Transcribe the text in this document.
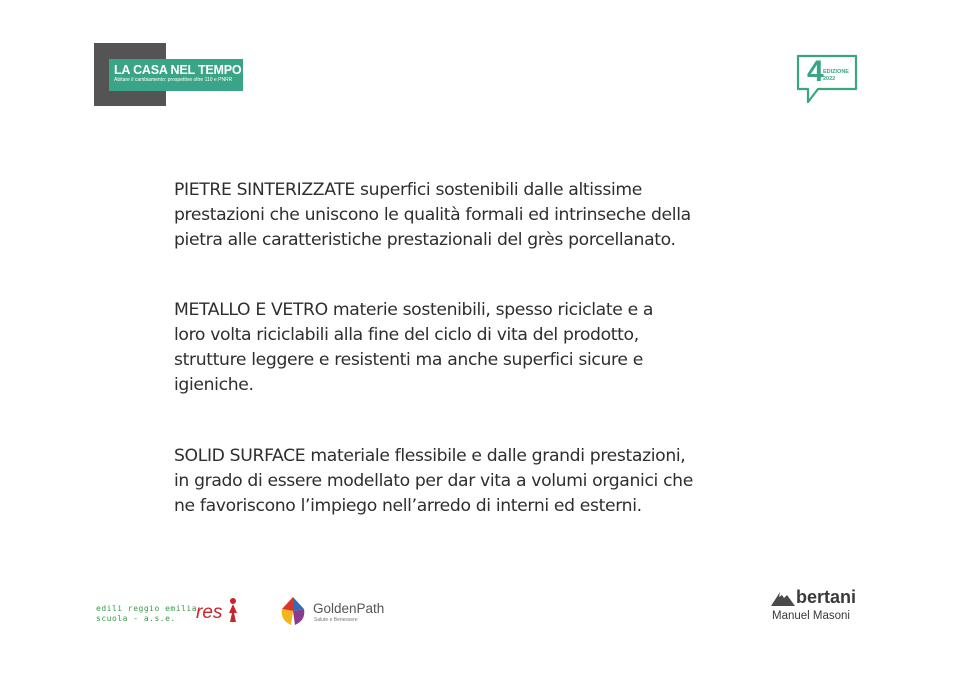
LA CASA NEL TEMPO
Abitare il cambiamento: prospettive oltre 110 e PNRR	4 EDIZIONE
2022

PIETRE SINTERIZZATE superfici sostenibili dalle altissime
prestazioni che uniscono le qualità formali ed intrinseche della
pietra alle caratteristiche prestazionali del grès porcellanato.

METALLO E VETRO materie sostenibili, spesso riciclate e a
loro volta riciclabili alla fine del ciclo di vita del prodotto,
strutture leggere e resistenti ma anche superfici sicure e
igieniche.

SOLID SURFACE materiale flessibile e dalle grandi prestazioni,
in grado di essere modellato per dar vita a volumi organici che
ne favoriscono l’impiego nell’arredo di interni ed esterni.

edili reggio emilia
scuola - a.s.e. res	GoldenPath
Salute e Benessere
bertani
Manuel Masoni
